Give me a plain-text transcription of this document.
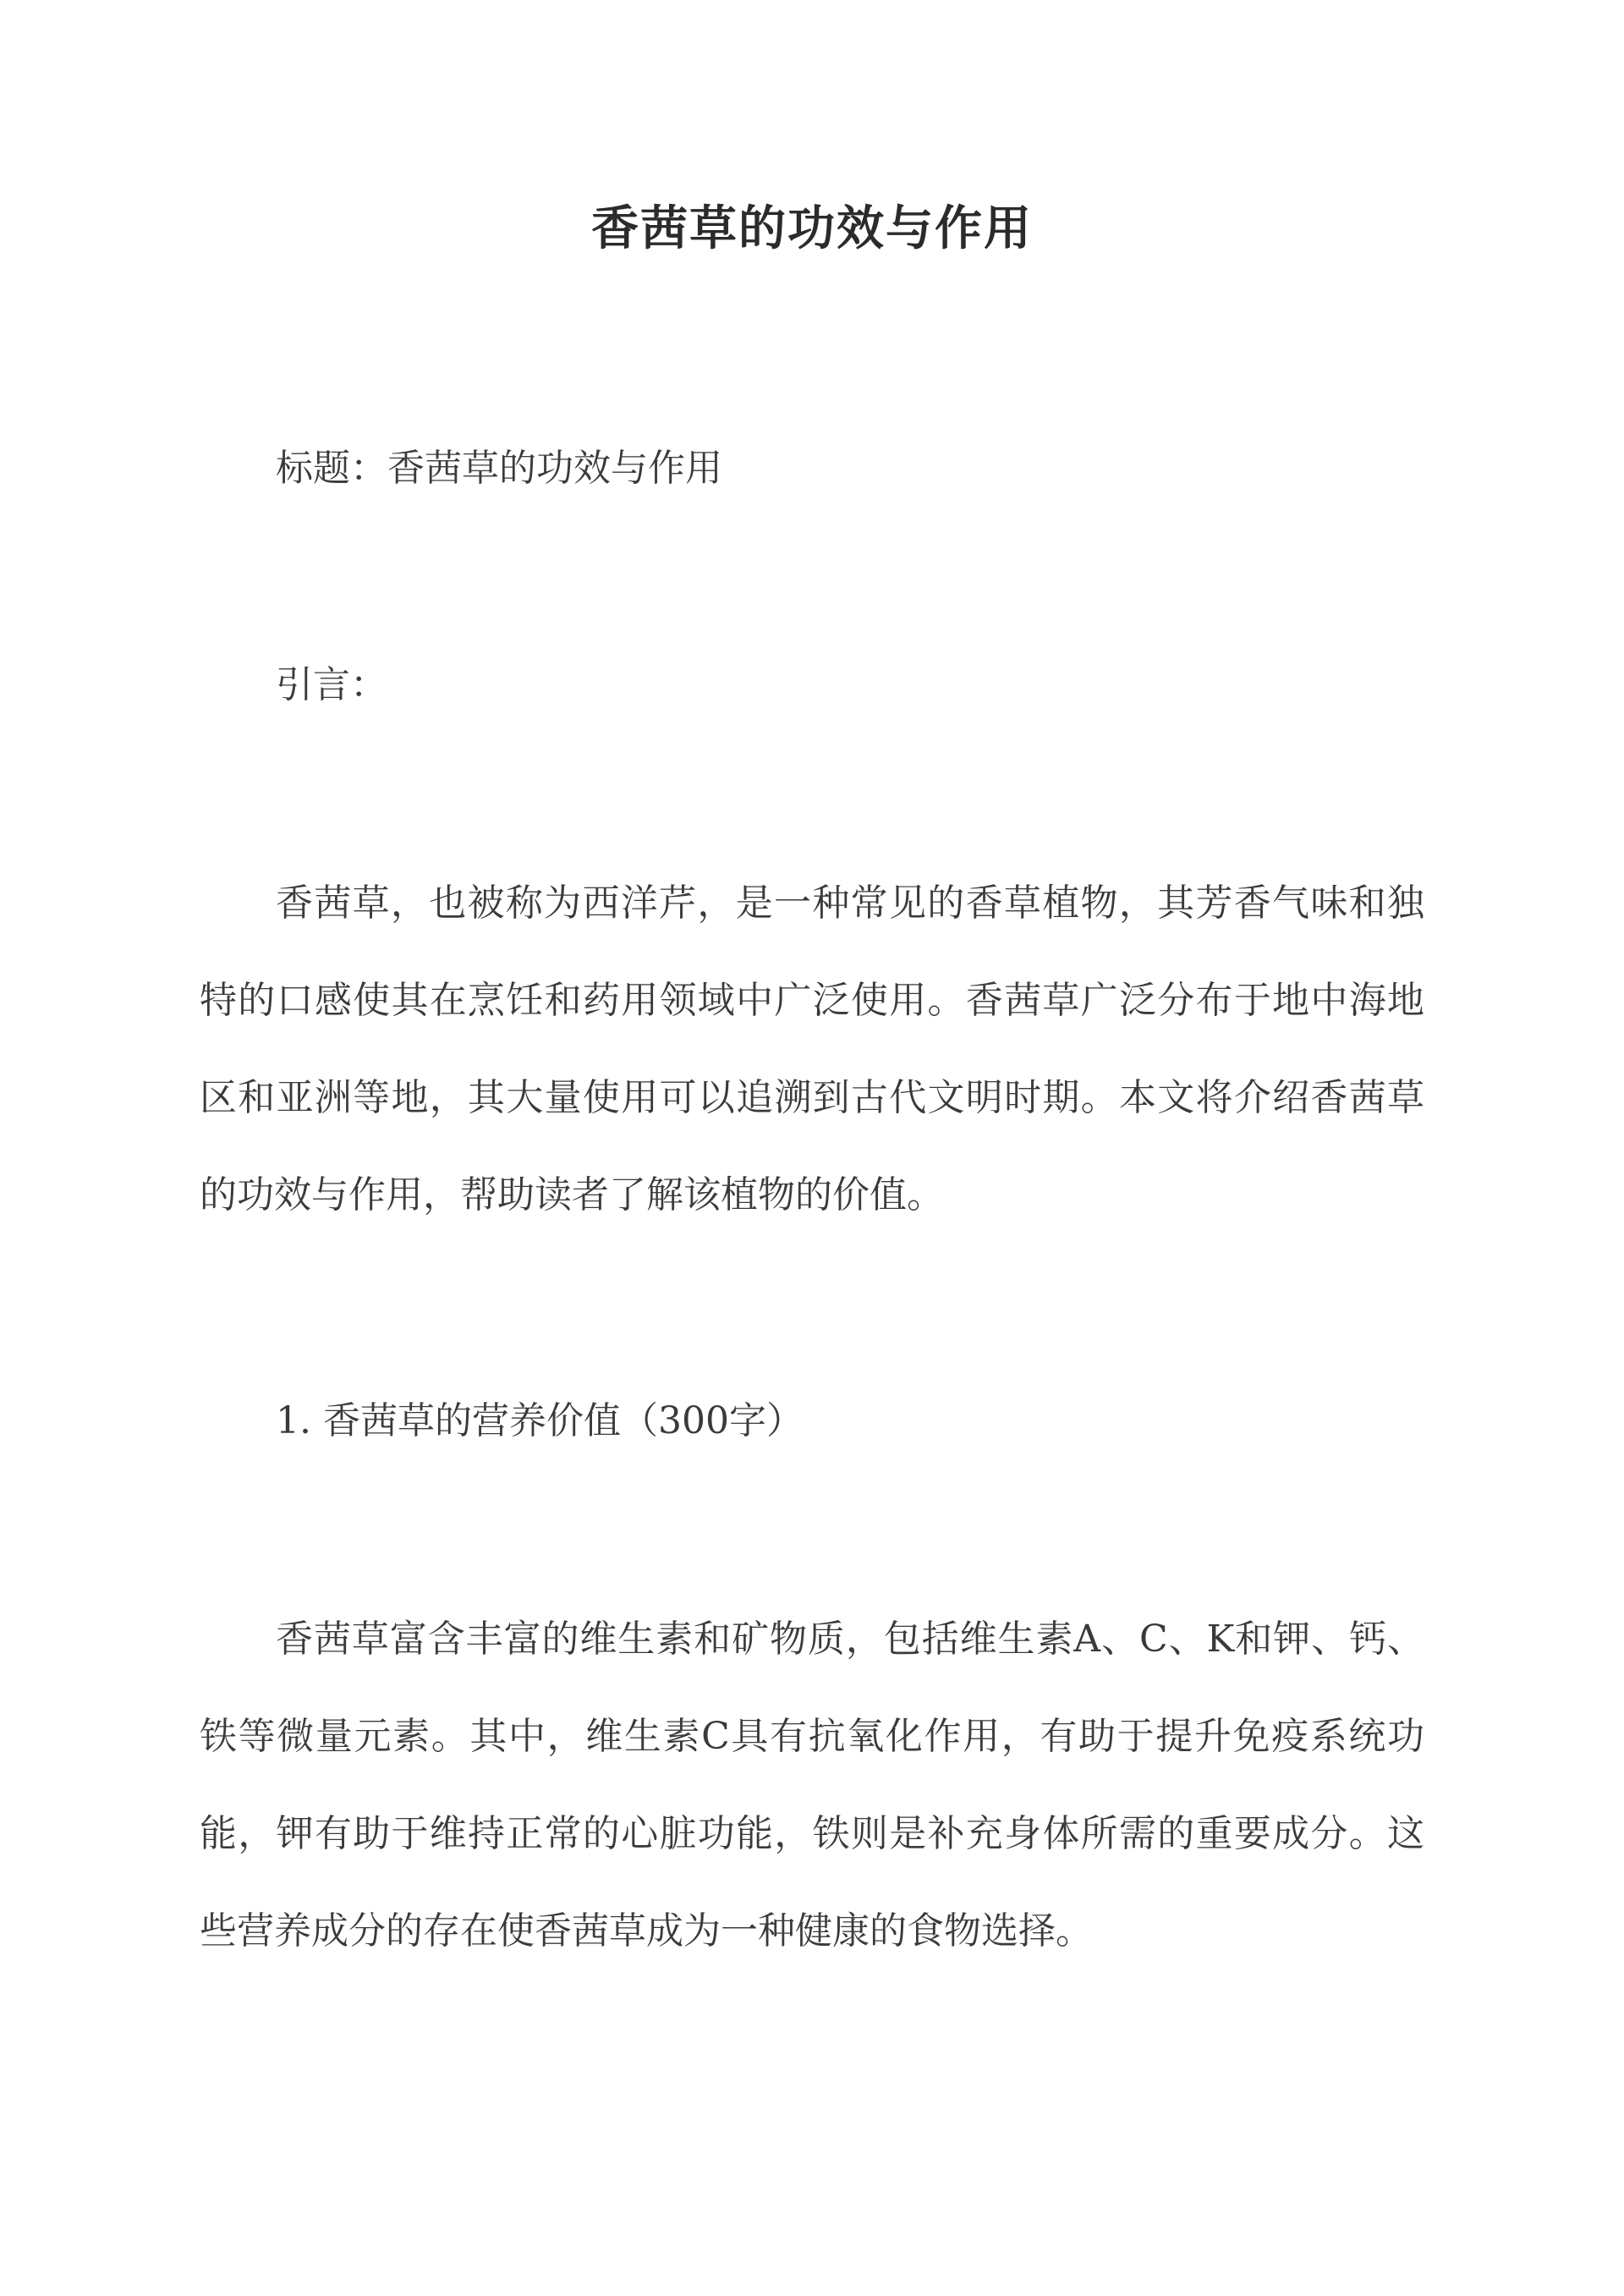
香茜草的功效与作用
标题：香茜草的功效与作用
引言：
香茜草，也被称为西洋芹，是一种常见的香草植物，其芳香气味和独特的口感使其在烹饪和药用领域中广泛使用。香茜草广泛分布于地中海地区和亚洲等地，其大量使用可以追溯到古代文明时期。本文将介绍香茜草的功效与作用，帮助读者了解该植物的价值。
1. 香茜草的营养价值（300字）
香茜草富含丰富的维生素和矿物质，包括维生素A、C、K和钾、钙、铁等微量元素。其中，维生素C具有抗氧化作用，有助于提升免疫系统功能，钾有助于维持正常的心脏功能，铁则是补充身体所需的重要成分。这些营养成分的存在使香茜草成为一种健康的食物选择。
